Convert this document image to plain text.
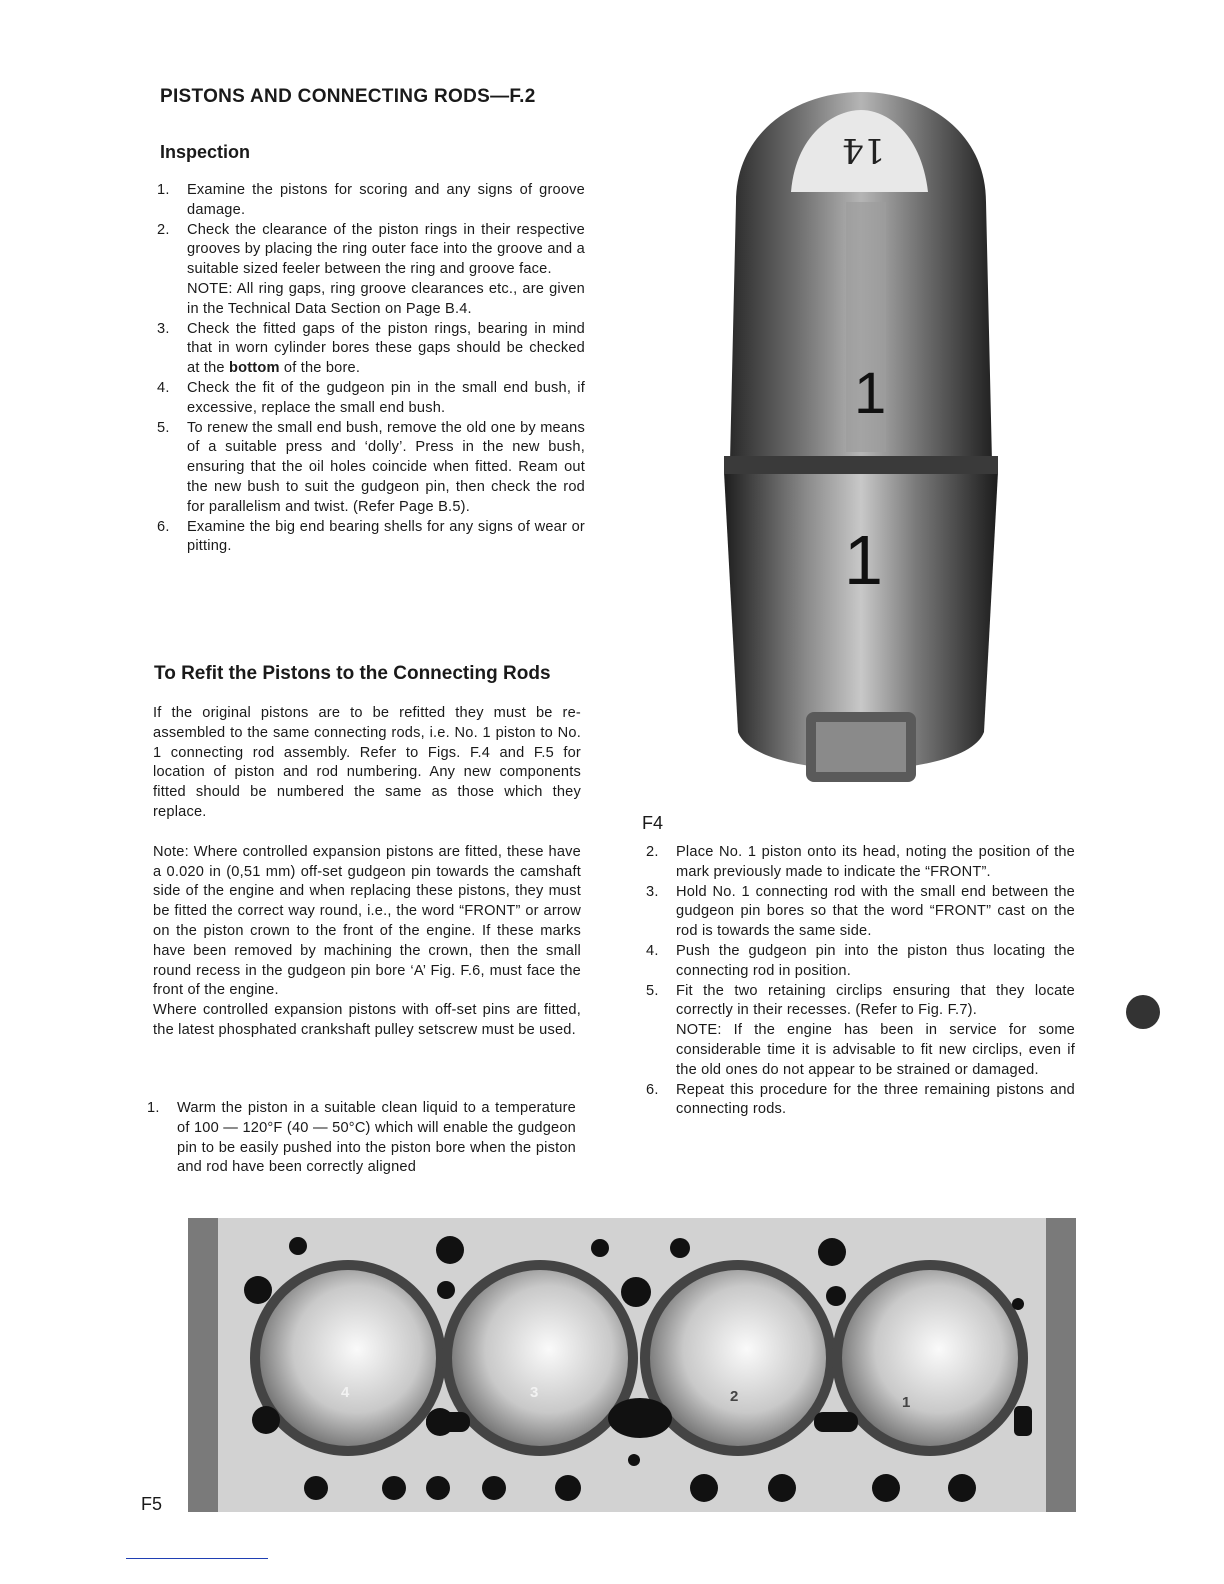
PISTONS AND CONNECTING RODS—F.2
Inspection
1. Examine the pistons for scoring and any signs of groove damage.
2. Check the clearance of the piston rings in their respective grooves by placing the ring outer face into the groove and a suitable sized feeler between the ring and groove face.
NOTE: All ring gaps, ring groove clearances etc., are given in the Technical Data Section on Page B.4.
3. Check the fitted gaps of the piston rings, bearing in mind that in worn cylinder bores these gaps should be checked at the bottom of the bore.
4. Check the fit of the gudgeon pin in the small end bush, if excessive, replace the small end bush.
5. To renew the small end bush, remove the old one by means of a suitable press and ‘dolly’. Press in the new bush, ensuring that the oil holes coincide when fitted. Ream out the new bush to suit the gudgeon pin, then check the rod for parallelism and twist. (Refer Page B.5).
6. Examine the big end bearing shells for any signs of wear or pitting.
To Refit the Pistons to the Connecting Rods

If the original pistons are to be refitted they must be re-assembled to the same connecting rods, i.e. No. 1 piston to No. 1 connecting rod assembly. Refer to Figs. F.4 and F.5 for location of piston and rod numbering. Any new components fitted should be numbered the same as those which they replace.

Note: Where controlled expansion pistons are fitted, these have a 0.020 in (0,51 mm) off-set gudgeon pin towards the camshaft side of the engine and when replacing these pistons, they must be fitted the correct way round, i.e., the word “FRONT” or arrow on the piston crown to the front of the engine. If these marks have been removed by machining the crown, then the small round recess in the gudgeon pin bore ‘A’ Fig. F.6, must face the front of the engine.

Where controlled expansion pistons with off-set pins are fitted, the latest phosphated crankshaft pulley setscrew must be used.

1. Warm the piston in a suitable clean liquid to a temperature of 100 — 120°F (40 — 50°C) which will enable the gudgeon pin to be easily pushed into the piston bore when the piston and rod have been correctly aligned
2. Place No. 1 piston onto its head, noting the position of the mark previously made to indicate the “FRONT”.
3. Hold No. 1 connecting rod with the small end between the gudgeon pin bores so that the word “FRONT” cast on the rod is towards the same side.
4. Push the gudgeon pin into the piston thus locating the connecting rod in position.
5. Fit the two retaining circlips ensuring that they locate correctly in their recesses. (Refer to Fig. F.7).
NOTE: If the engine has been in service for some considerable time it is advisable to fit new circlips, even if the old ones do not appear to be strained or damaged.
6. Repeat this procedure for the three remaining pistons and connecting rods.
14
1
1
F4
4	3	2	1
F5
